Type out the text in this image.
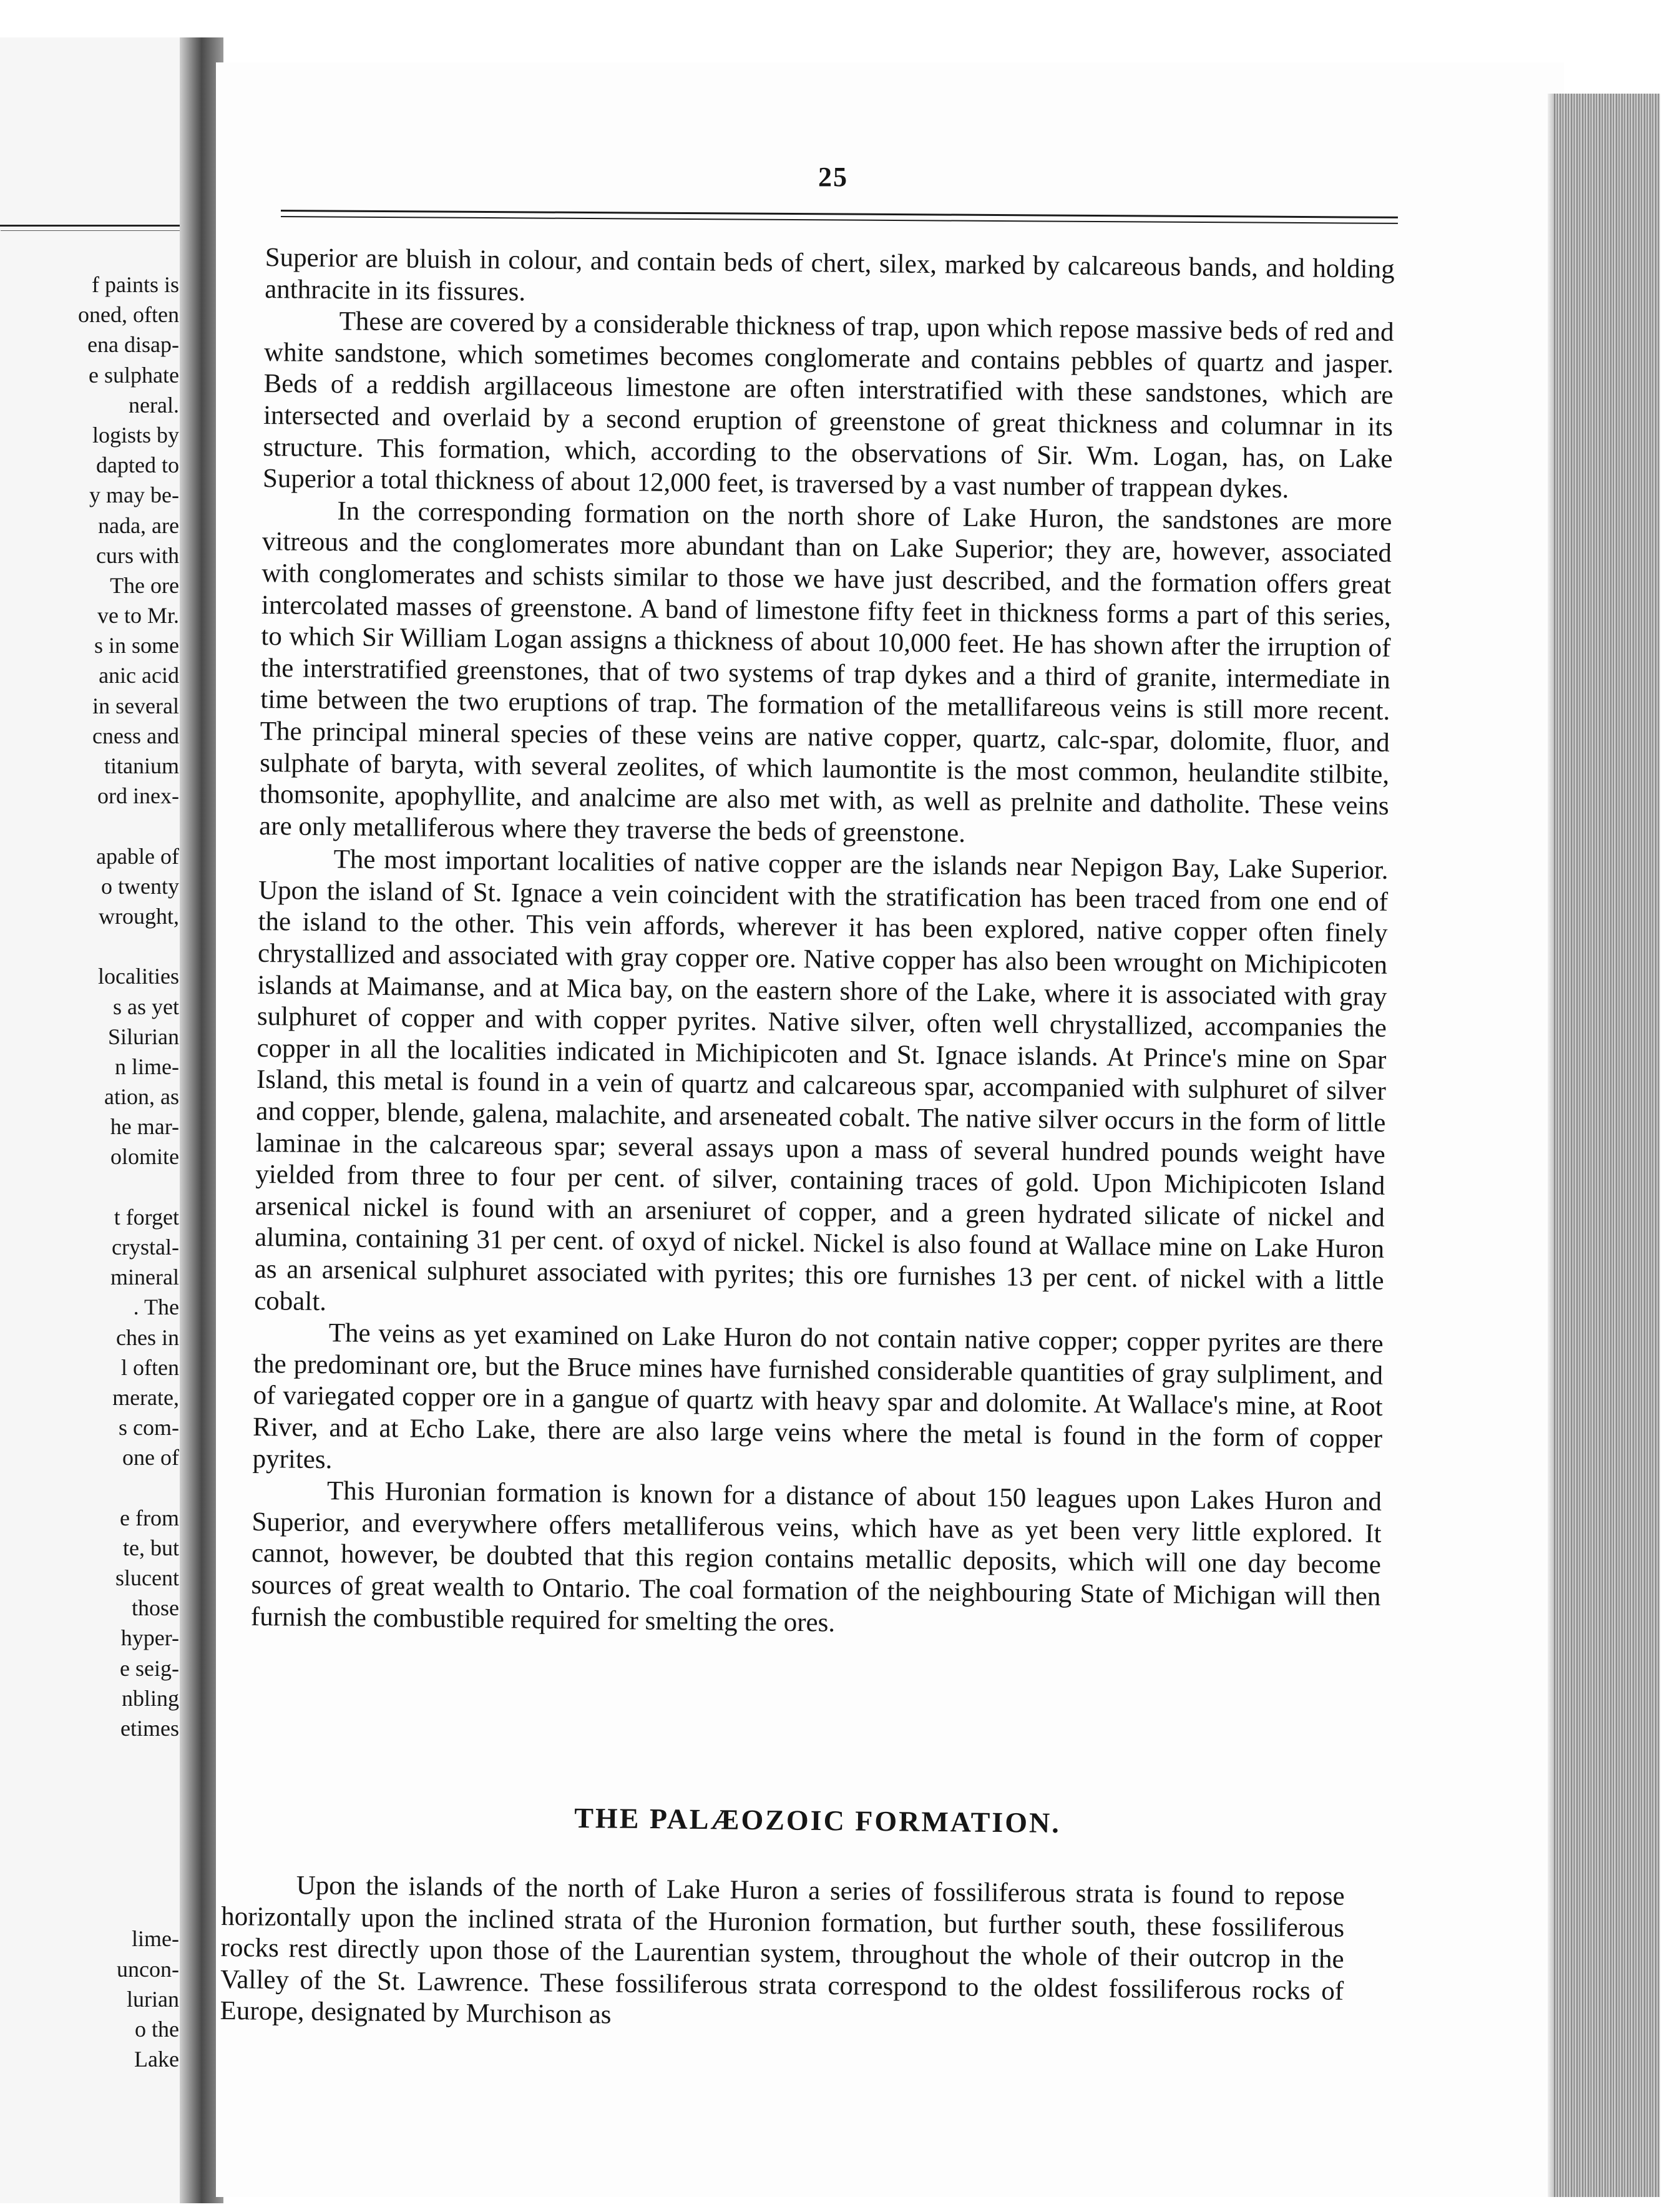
f paints is
oned, often
ena disap-
e sulphate
neral.
logists by
dapted to
y may be-
nada, are
curs with
The ore
ve to Mr.
s in some
anic acid
in several
cness and
titanium
ord inex-
apable of
o twenty
wrought,
localities
s as yet
Silurian
n lime-
ation, as
he mar-
olomite
t forget
crystal-
mineral
. The
ches in
l often
merate,
s com-
one of
e from
te, but
slucent
those
hyper-
e seig-
nbling
etimes
lime-
uncon-
lurian
o the
Lake
25

Superior are bluish in colour, and contain beds of chert, silex, marked by calcareous bands, and holding anthracite in its fissures.

These are covered by a considerable thickness of trap, upon which repose massive beds of red and white sandstone, which sometimes becomes conglomerate and contains pebbles of quartz and jasper. Beds of a reddish argillaceous limestone are often interstratified with these sandstones, which are intersected and overlaid by a second eruption of greenstone of great thickness and columnar in its structure. This formation, which, according to the observations of Sir. Wm. Logan, has, on Lake Superior a total thickness of about 12,000 feet, is traversed by a vast number of trappean dykes.

In the corresponding formation on the north shore of Lake Huron, the sandstones are more vitreous and the conglomerates more abundant than on Lake Superior; they are, however, associated with conglomerates and schists similar to those we have just described, and the formation offers great intercolated masses of greenstone. A band of limestone fifty feet in thickness forms a part of this series, to which Sir William Logan assigns a thickness of about 10,000 feet. He has shown after the irruption of the interstratified greenstones, that of two systems of trap dykes and a third of granite, intermediate in time between the two eruptions of trap. The formation of the metallifareous veins is still more recent. The principal mineral species of these veins are native copper, quartz, calc-spar, dolomite, fluor, and sulphate of baryta, with several zeolites, of which laumontite is the most common, heulandite stilbite, thomsonite, apophyllite, and analcime are also met with, as well as prelnite and datholite. These veins are only metalliferous where they traverse the beds of greenstone.

The most important localities of native copper are the islands near Nepigon Bay, Lake Superior. Upon the island of St. Ignace a vein coincident with the stratification has been traced from one end of the island to the other. This vein affords, wherever it has been explored, native copper often finely chrystallized and associated with gray copper ore. Native copper has also been wrought on Michipicoten islands at Maimanse, and at Mica bay, on the eastern shore of the Lake, where it is associated with gray sulphuret of copper and with copper pyrites. Native silver, often well chrystallized, accompanies the copper in all the localities indicated in Michipicoten and St. Ignace islands. At Prince's mine on Spar Island, this metal is found in a vein of quartz and calcareous spar, accompanied with sulphuret of silver and copper, blende, galena, malachite, and arseneated cobalt. The native silver occurs in the form of little laminae in the calcareous spar; several assays upon a mass of several hundred pounds weight have yielded from three to four per cent. of silver, containing traces of gold. Upon Michipicoten Island arsenical nickel is found with an arseniuret of copper, and a green hydrated silicate of nickel and alumina, containing 31 per cent. of oxyd of nickel. Nickel is also found at Wallace mine on Lake Huron as an arsenical sulphuret associated with pyrites; this ore furnishes 13 per cent. of nickel with a little cobalt.

The veins as yet examined on Lake Huron do not contain native copper; copper pyrites are there the predominant ore, but the Bruce mines have furnished considerable quantities of gray sulpliment, and of variegated copper ore in a gangue of quartz with heavy spar and dolomite. At Wallace's mine, at Root River, and at Echo Lake, there are also large veins where the metal is found in the form of copper pyrites.

This Huronian formation is known for a distance of about 150 leagues upon Lakes Huron and Superior, and everywhere offers metalliferous veins, which have as yet been very little explored. It cannot, however, be doubted that this region contains metallic deposits, which will one day become sources of great wealth to Ontario. The coal formation of the neighbouring State of Michigan will then furnish the combustible required for smelting the ores.

THE PALÆOZOIC FORMATION.

Upon the islands of the north of Lake Huron a series of fossiliferous strata is found to repose horizontally upon the inclined strata of the Huronion formation, but further south, these fossiliferous rocks rest directly upon those of the Laurentian system, throughout the whole of their outcrop in the Valley of the St. Lawrence. These fossiliferous strata correspond to the oldest fossiliferous rocks of Europe, designated by Murchison as
